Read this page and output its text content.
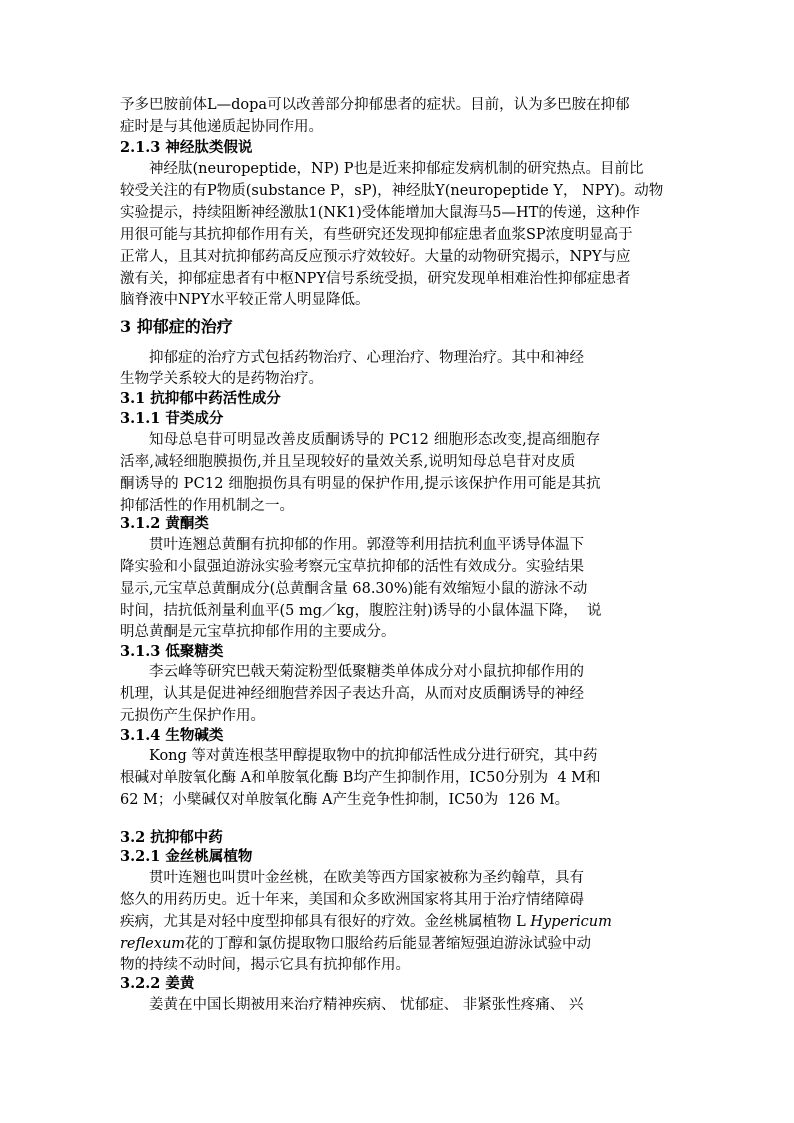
予多巴胺前体L—dopa可以改善部分抑郁患者的症状。目前，认为多巴胺在抑郁
症时是与其他递质起协同作用。
2.1.3 神经肽类假说
神经肽(neuropeptide，NP) P也是近来抑郁症发病机制的研究热点。目前比
较受关注的有P物质(substance P，sP)，神经肽Y(neuropeptide Y， NPY)。动物
实验提示，持续阻断神经激肽1(NK1)受体能增加大鼠海马5—HT的传递，这种作
用很可能与其抗抑郁作用有关，有些研究还发现抑郁症患者血浆SP浓度明显高于
正常人，且其对抗抑郁药高反应预示疗效较好。大量的动物研究揭示，NPY与应
激有关，抑郁症患者有中枢NPY信号系统受损，研究发现单相难治性抑郁症患者
脑脊液中NPY水平较正常人明显降低。
3 抑郁症的治疗
抑郁症的治疗方式包括药物治疗、心理治疗、物理治疗。其中和神经
生物学关系较大的是药物治疗。
3.1 抗抑郁中药活性成分
3.1.1 苷类成分
知母总皂苷可明显改善皮质酮诱导的 PC12 细胞形态改变,提高细胞存
活率,减轻细胞膜损伤,并且呈现较好的量效关系,说明知母总皂苷对皮质
酮诱导的 PC12 细胞损伤具有明显的保护作用,提示该保护作用可能是其抗
抑郁活性的作用机制之一。
3.1.2 黄酮类
贯叶连翘总黄酮有抗抑郁的作用。郭澄等利用拮抗利血平诱导体温下
降实验和小鼠强迫游泳实验考察元宝草抗抑郁的活性有效成分。实验结果
显示,元宝草总黄酮成分(总黄酮含量 68.30%)能有效缩短小鼠的游泳不动
时间，拮抗低剂量利血平(5 mg／kg，腹腔注射)诱导的小鼠体温下降，  说
明总黄酮是元宝草抗抑郁作用的主要成分。
3.1.3 低聚糖类
李云峰等研究巴戟天菊淀粉型低聚糖类单体成分对小鼠抗抑郁作用的
机理，认其是促进神经细胞营养因子表达升高，从而对皮质酮诱导的神经
元损伤产生保护作用。
3.1.4 生物碱类
Kong 等对黄连根茎甲醇提取物中的抗抑郁活性成分进行研究，其中药
根碱对单胺氧化酶 A和单胺氧化酶 B均产生抑制作用，IC50分别为  4 M和
62 M；小檗碱仅对单胺氧化酶 A产生竞争性抑制，IC50为  126 M。
3.2 抗抑郁中药
3.2.1 金丝桃属植物
贯叶连翘也叫贯叶金丝桃，在欧美等西方国家被称为圣约翰草，具有
悠久的用药历史。近十年来，美国和众多欧洲国家将其用于治疗情绪障碍
疾病，尤其是对轻中度型抑郁具有很好的疗效。金丝桃属植物 L Hypericum
reflexum花的丁醇和氯仿提取物口服给药后能显著缩短强迫游泳试验中动
物的持续不动时间，揭示它具有抗抑郁作用。
3.2.2 姜黄
姜黄在中国长期被用来治疗精神疾病、 忧郁症、 非紧张性疼痛、 兴
